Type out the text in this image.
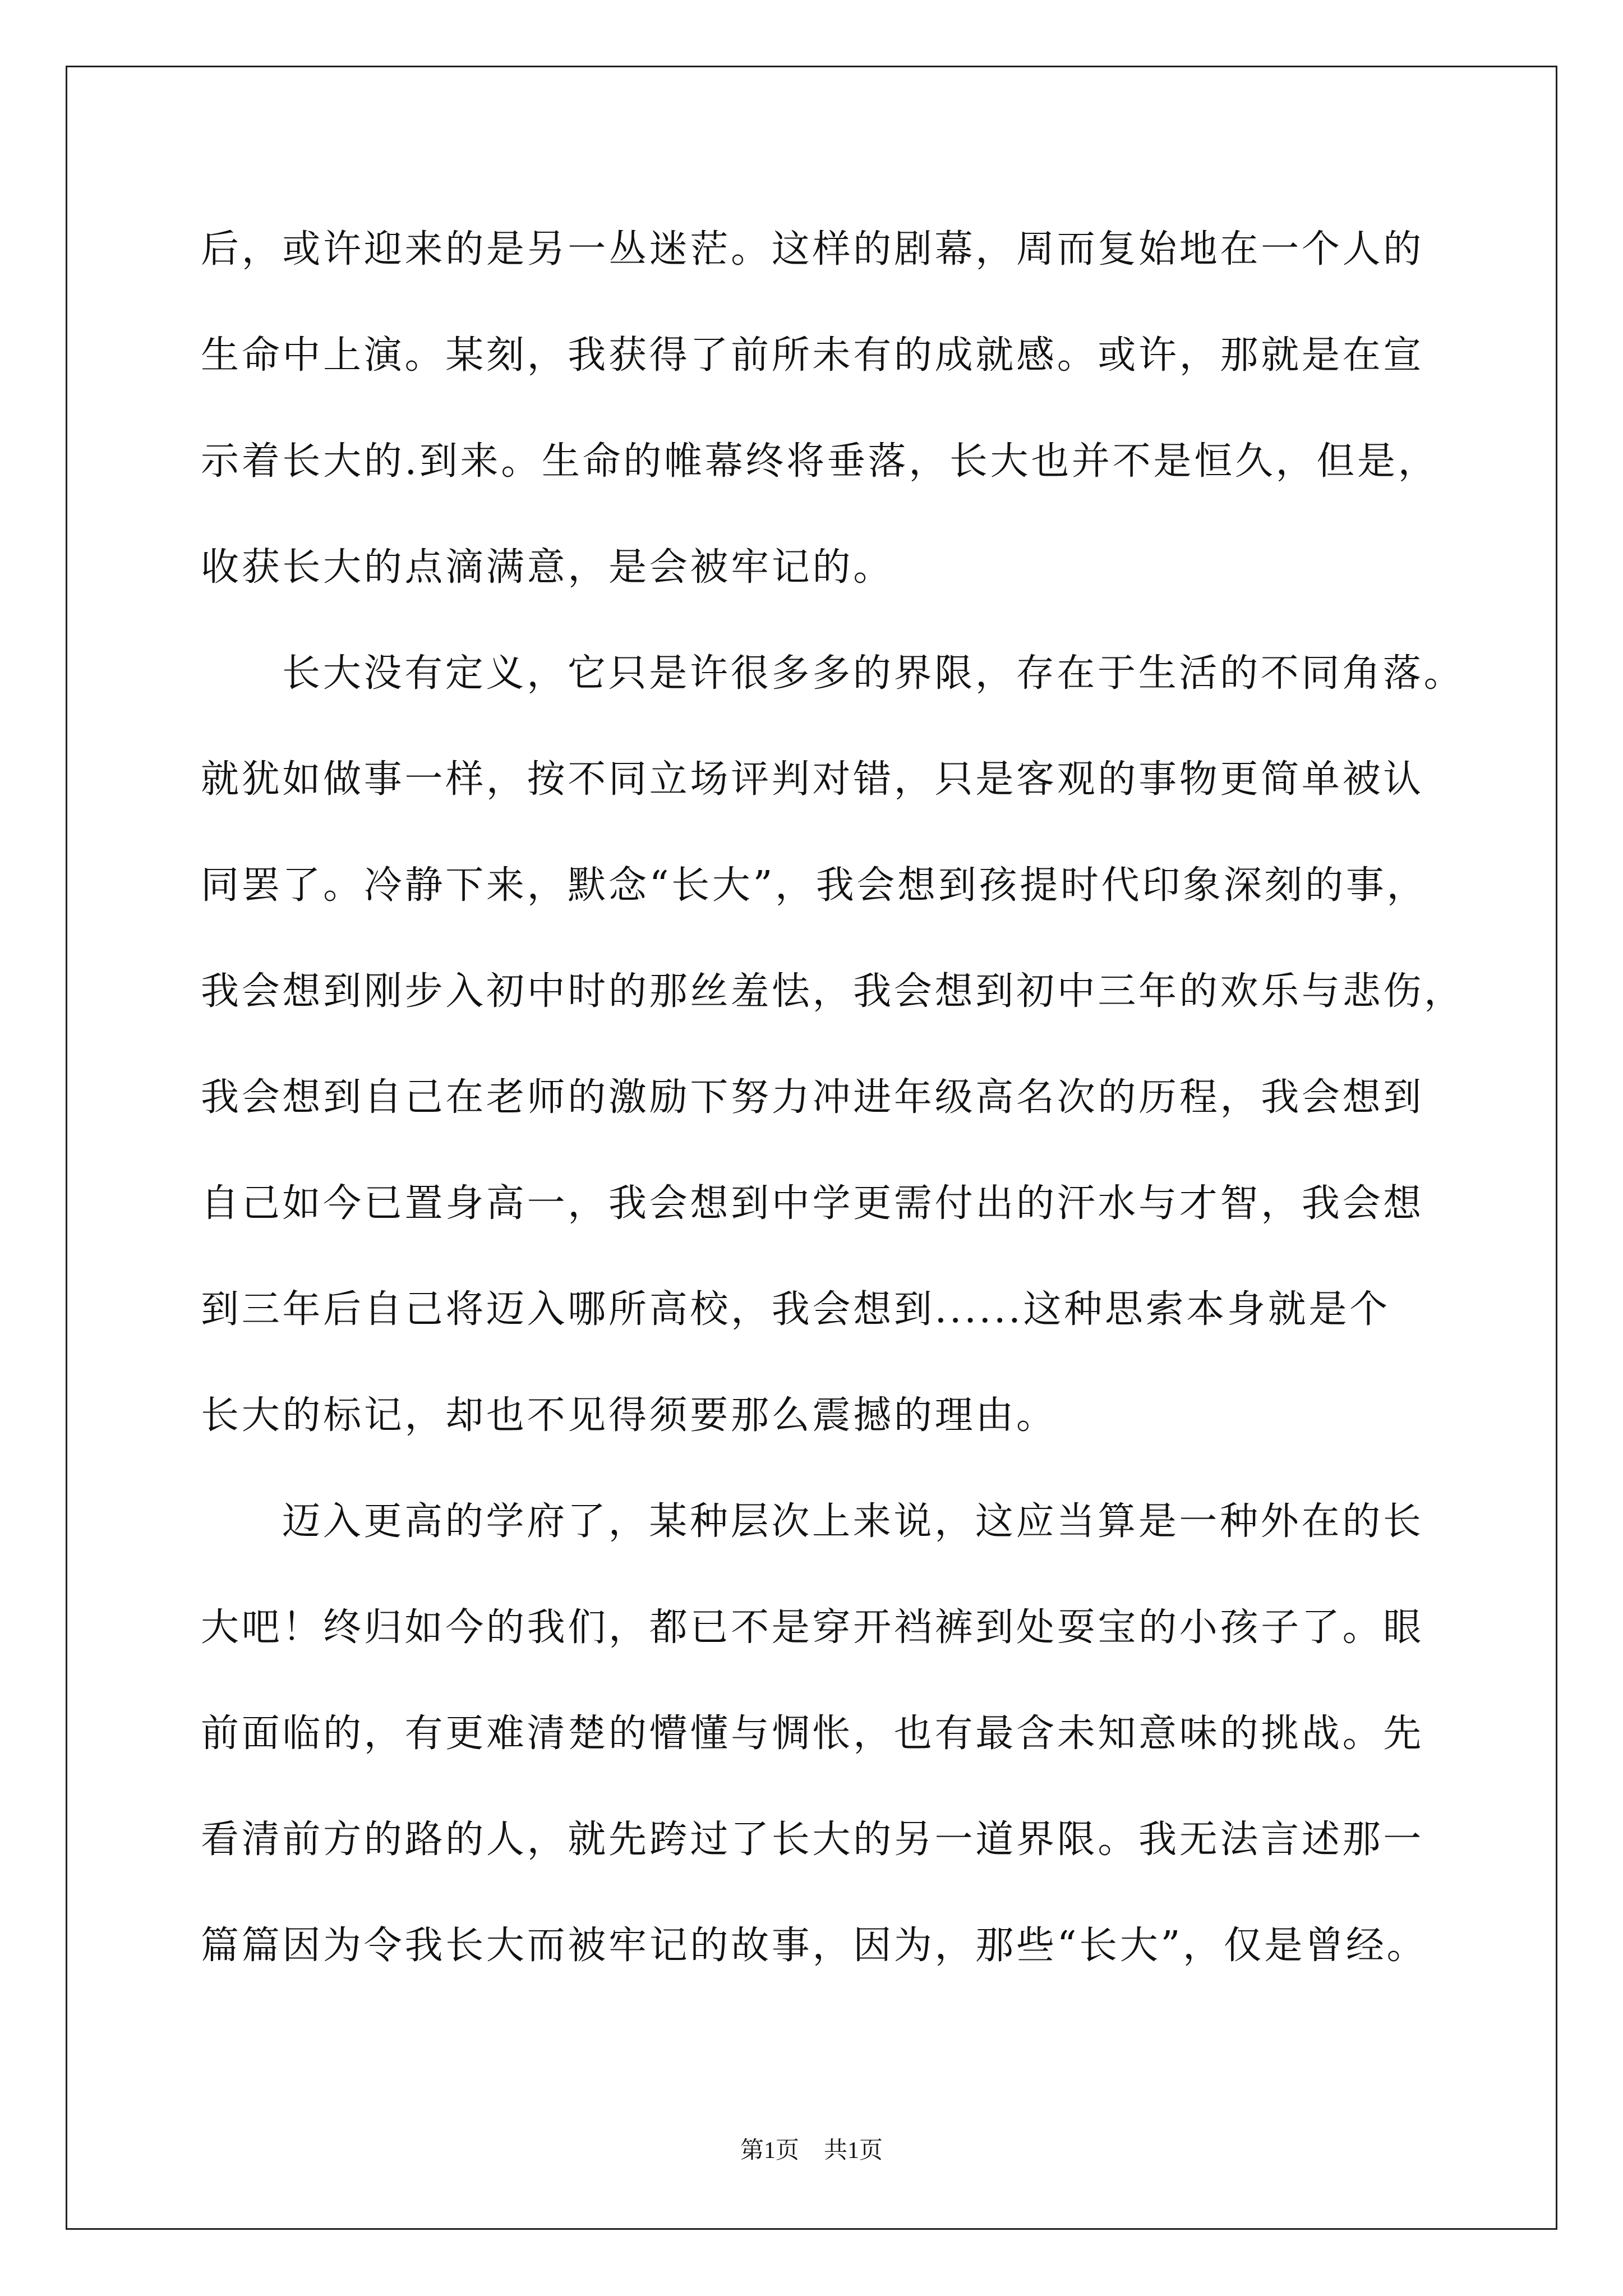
后，或许迎来的是另一丛迷茫。这样的剧幕，周而复始地在一个人的
生命中上演。某刻，我获得了前所未有的成就感。或许，那就是在宣
示着长大的.到来。生命的帷幕终将垂落，长大也并不是恒久，但是，
收获长大的点滴满意，是会被牢记的。
长大没有定义，它只是许很多多的界限，存在于生活的不同角落。
就犹如做事一样，按不同立场评判对错，只是客观的事物更简单被认
同罢了。冷静下来，默念“长大”，我会想到孩提时代印象深刻的事，
我会想到刚步入初中时的那丝羞怯，我会想到初中三年的欢乐与悲伤，
我会想到自己在老师的激励下努力冲进年级高名次的历程，我会想到
自己如今已置身高一，我会想到中学更需付出的汗水与才智，我会想
到三年后自己将迈入哪所高校，我会想到......这种思索本身就是个
长大的标记，却也不见得须要那么震撼的理由。
迈入更高的学府了，某种层次上来说，这应当算是一种外在的长
大吧！终归如今的我们，都已不是穿开裆裤到处耍宝的小孩子了。眼
前面临的，有更难清楚的懵懂与惆怅，也有最含未知意味的挑战。先
看清前方的路的人，就先跨过了长大的另一道界限。我无法言述那一
篇篇因为令我长大而被牢记的故事，因为，那些“长大”，仅是曾经。
第1页 共1页
